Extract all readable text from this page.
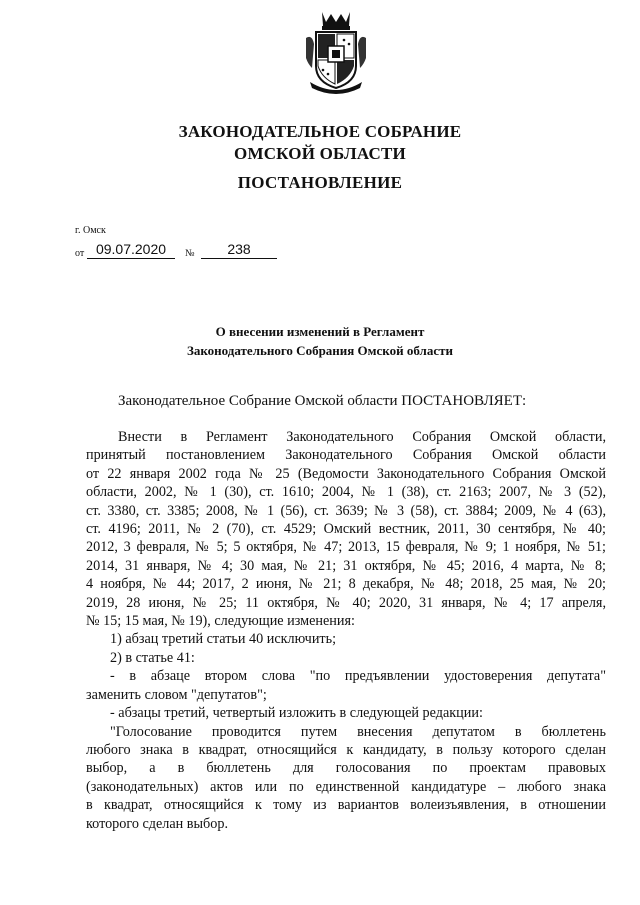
ЗАКОНОДАТЕЛЬНОЕ СОБРАНИЕ
ОМСКОЙ ОБЛАСТИ
ПОСТАНОВЛЕНИЕ
г. Омск
от 09.07.2020	№	238
О внесении изменений в Регламент
Законодательного Собрания Омской области
Законодательное Собрание Омской области ПОСТАНОВЛЯЕТ:
Внести в Регламент Законодательного Собрания Омской области,
принятый постановлением Законодательного Собрания Омской области
от 22 января 2002 года № 25 (Ведомости Законодательного Собрания Омской
области, 2002, № 1 (30), ст. 1610; 2004, № 1 (38), ст. 2163; 2007, № 3 (52),
ст. 3380, ст. 3385; 2008, № 1 (56), ст. 3639; № 3 (58), ст. 3884; 2009, № 4 (63),
ст. 4196; 2011, № 2 (70), ст. 4529; Омский вестник, 2011, 30 сентября, № 40;
2012, 3 февраля, № 5; 5 октября, № 47; 2013, 15 февраля, № 9; 1 ноября, № 51;
2014, 31 января, № 4; 30 мая, № 21; 31 октября, № 45; 2016, 4 марта, № 8;
4 ноября, № 44; 2017, 2 июня, № 21; 8 декабря, № 48; 2018, 25 мая, № 20;
2019, 28 июня, № 25; 11 октября, № 40; 2020, 31 января, № 4; 17 апреля,
№ 15; 15 мая, № 19), следующие изменения:
1) абзац третий статьи 40 исключить;
2) в статье 41:
- в абзаце втором слова "по предъявлении удостоверения депутата"
заменить словом "депутатов";
- абзацы третий, четвертый изложить в следующей редакции:
"Голосование проводится путем внесения депутатом в бюллетень
любого знака в квадрат, относящийся к кандидату, в пользу которого сделан
выбор, а в бюллетень для голосования по проектам правовых
(законодательных) актов или по единственной кандидатуре – любого знака
в квадрат, относящийся к тому из вариантов волеизъявления, в отношении
которого сделан выбор.
